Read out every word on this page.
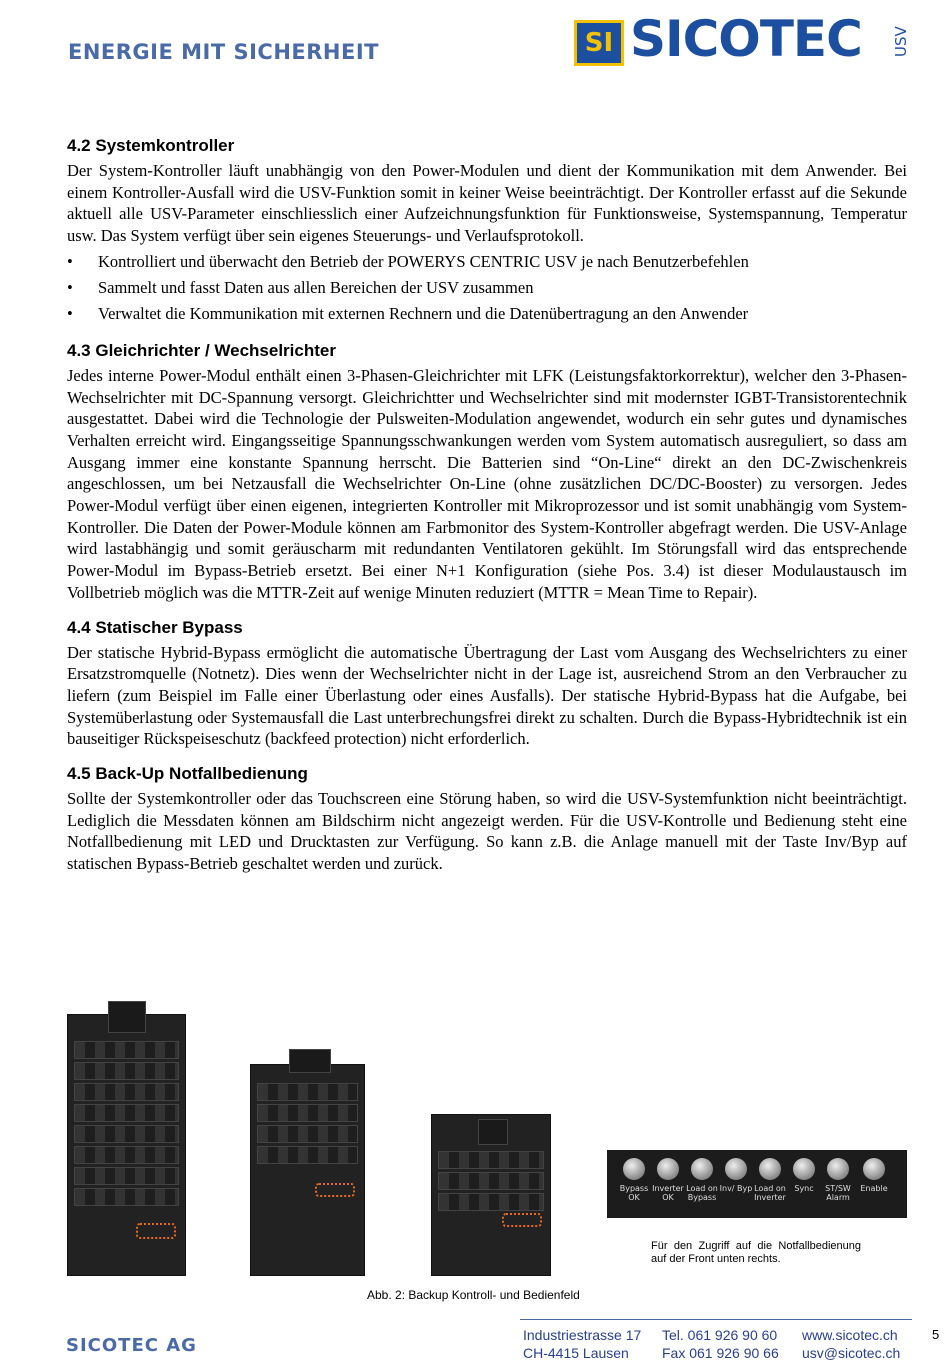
ENERGIE MIT SICHERHEIT	SI SICOTEC USV
4.2 Systemkontroller

Der System-Kontroller läuft unabhängig von den Power-Modulen und dient der Kommunikation mit dem Anwender. Bei einem Kontroller-Ausfall wird die USV-Funktion somit in keiner Weise beeinträchtigt. Der Kontroller erfasst auf die Sekunde aktuell alle USV-Parameter einschliesslich einer Aufzeichnungsfunktion für Funktionsweise, Systemspannung, Temperatur usw. Das System verfügt über sein eigenes Steuerungs- und Verlaufsprotokoll.

• Kontrolliert und überwacht den Betrieb der POWERYS CENTRIC USV je nach Benutzerbefehlen
• Sammelt und fasst Daten aus allen Bereichen der USV zusammen
• Verwaltet die Kommunikation mit externen Rechnern und die Datenübertragung an den Anwender
4.3 Gleichrichter / Wechselrichter

Jedes interne Power-Modul enthält einen 3-Phasen-Gleichrichter mit LFK (Leistungsfaktorkorrektur), welcher den 3-Phasen-Wechselrichter mit DC-Spannung versorgt. Gleichrichtter und Wechselrichter sind mit modernster IGBT-Transistorentechnik ausgestattet. Dabei wird die Technologie der Pulsweiten-Modulation angewendet, wodurch ein sehr gutes und dynamisches Verhalten erreicht wird. Eingangsseitige Spannungsschwankungen werden vom System automatisch ausreguliert, so dass am Ausgang immer eine konstante Spannung herrscht. Die Batterien sind “On-Line“ direkt an den DC-Zwischenkreis angeschlossen, um bei Netzausfall die Wechselrichter On-Line (ohne zusätzlichen DC/DC-Booster) zu versorgen. Jedes Power-Modul verfügt über einen eigenen, integrierten Kontroller mit Mikroprozessor und ist somit unabhängig vom System-Kontroller. Die Daten der Power-Module können am Farbmonitor des System-Kontroller abgefragt werden. Die USV-Anlage wird lastabhängig und somit geräuscharm mit redundanten Ventilatoren gekühlt. Im Störungsfall wird das entsprechende Power-Modul im Bypass-Betrieb ersetzt. Bei einer N+1 Konfiguration (siehe Pos. 3.4) ist dieser Modulaustausch im Vollbetrieb möglich was die MTTR-Zeit auf wenige Minuten reduziert (MTTR = Mean Time to Repair).

4.4 Statischer Bypass

Der statische Hybrid-Bypass ermöglicht die automatische Übertragung der Last vom Ausgang des Wechselrichters zu einer Ersatzstromquelle (Notnetz). Dies wenn der Wechselrichter nicht in der Lage ist, ausreichend Strom an den Verbraucher zu liefern (zum Beispiel im Falle einer Überlastung oder eines Ausfalls). Der statische Hybrid-Bypass hat die Aufgabe, bei Systemüberlastung oder Systemausfall die Last unterbrechungsfrei direkt zu schalten. Durch die Bypass-Hybridtechnik ist ein bauseitiger Rückspeiseschutz (backfeed protection) nicht erforderlich.

4.5 Back-Up Notfallbedienung

Sollte der Systemkontroller oder das Touchscreen eine Störung haben, so wird die USV-Systemfunktion nicht beeinträchtigt. Lediglich die Messdaten können am Bildschirm nicht angezeigt werden. Für die USV-Kontrolle und Bedienung steht eine Notfallbedienung mit LED und Drucktasten zur Verfügung. So kann z.B. die Anlage manuell mit der Taste Inv/Byp auf statischen Bypass-Betrieb geschaltet werden und zurück.

Bypass OK
Inverter OK
Load on Bypass
Inv/ Byp Load on Inverter
Sync	ST/SW Alarm
Enable
Für den Zugriff auf die Notfallbedienung auf der Front unten rechts.
Abb. 2: Backup Kontroll- und Bedienfeld
SICOTEC AG	Industriestrasse 17 Tel. 061 926 90 60 www.sicotec.ch
CH-4415 Lausen Fax 061 926 90 66 usv@sicotec.ch
5
